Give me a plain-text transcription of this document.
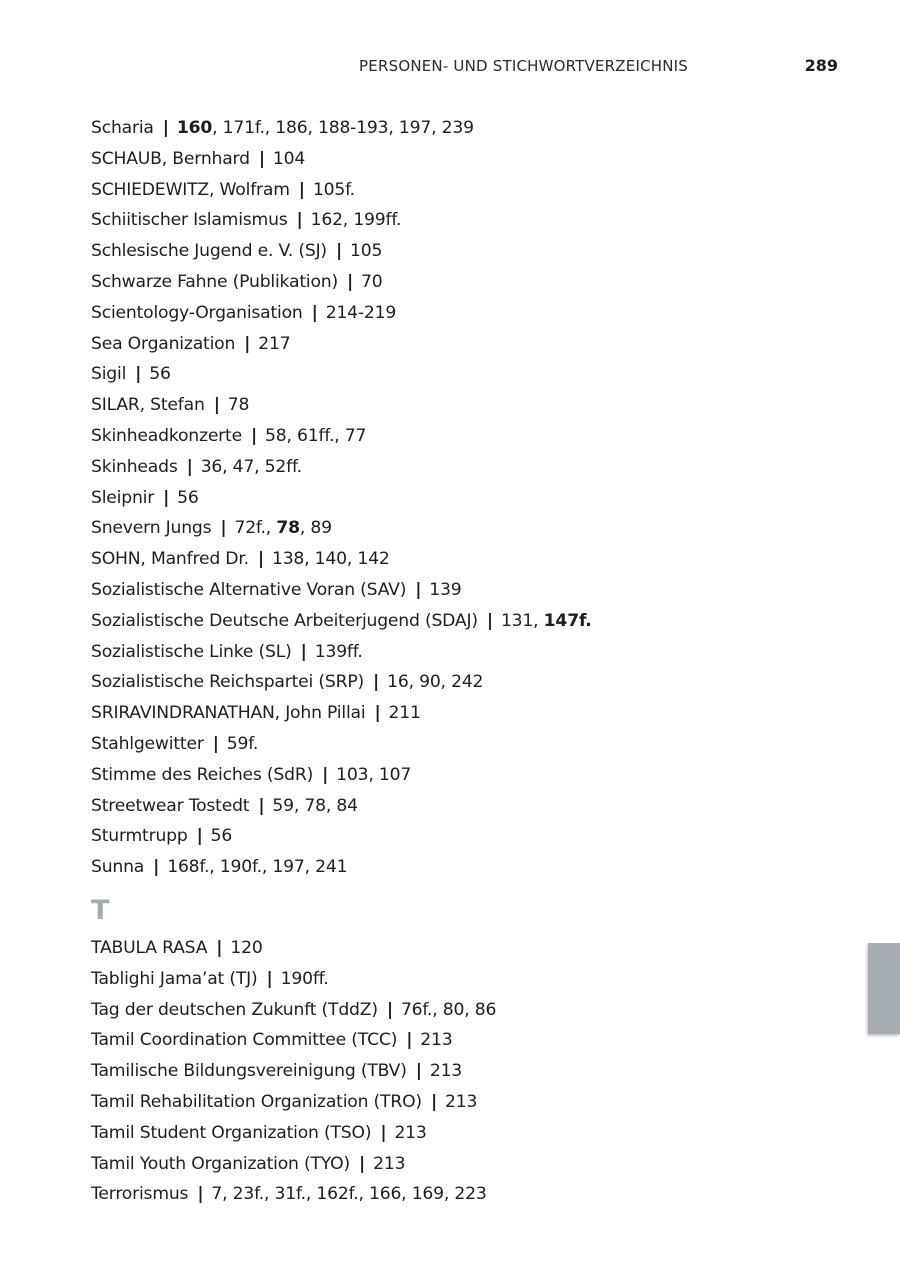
PERSONEN- UND STICHWORTVERZEICHNIS	289
Scharia | 160, 171f., 186, 188-193, 197, 239
SCHAUB, Bernhard | 104
SCHIEDEWITZ, Wolfram | 105f.
Schiitischer Islamismus | 162, 199ff.
Schlesische Jugend e. V. (SJ) | 105
Schwarze Fahne (Publikation) | 70
Scientology-Organisation | 214-219
Sea Organization | 217
Sigil | 56
SILAR, Stefan | 78
Skinheadkonzerte | 58, 61ff., 77
Skinheads | 36, 47, 52ff.
Sleipnir | 56
Snevern Jungs | 72f., 78, 89
SOHN, Manfred Dr. | 138, 140, 142
Sozialistische Alternative Voran (SAV) | 139
Sozialistische Deutsche Arbeiterjugend (SDAJ) | 131, 147f.
Sozialistische Linke (SL) | 139ff.
Sozialistische Reichspartei (SRP) | 16, 90, 242
SRIRAVINDRANATHAN, John Pillai | 211
Stahlgewitter | 59f.
Stimme des Reiches (SdR) | 103, 107
Streetwear Tostedt | 59, 78, 84
Sturmtrupp | 56
Sunna | 168f., 190f., 197, 241
T
TABULA RASA | 120
Tablighi Jama’at (TJ) | 190ff.
Tag der deutschen Zukunft (TddZ) | 76f., 80, 86
Tamil Coordination Committee (TCC) | 213
Tamilische Bildungsvereinigung (TBV) | 213
Tamil Rehabilitation Organization (TRO) | 213
Tamil Student Organization (TSO) | 213
Tamil Youth Organization (TYO) | 213
Terrorismus | 7, 23f., 31f., 162f., 166, 169, 223
